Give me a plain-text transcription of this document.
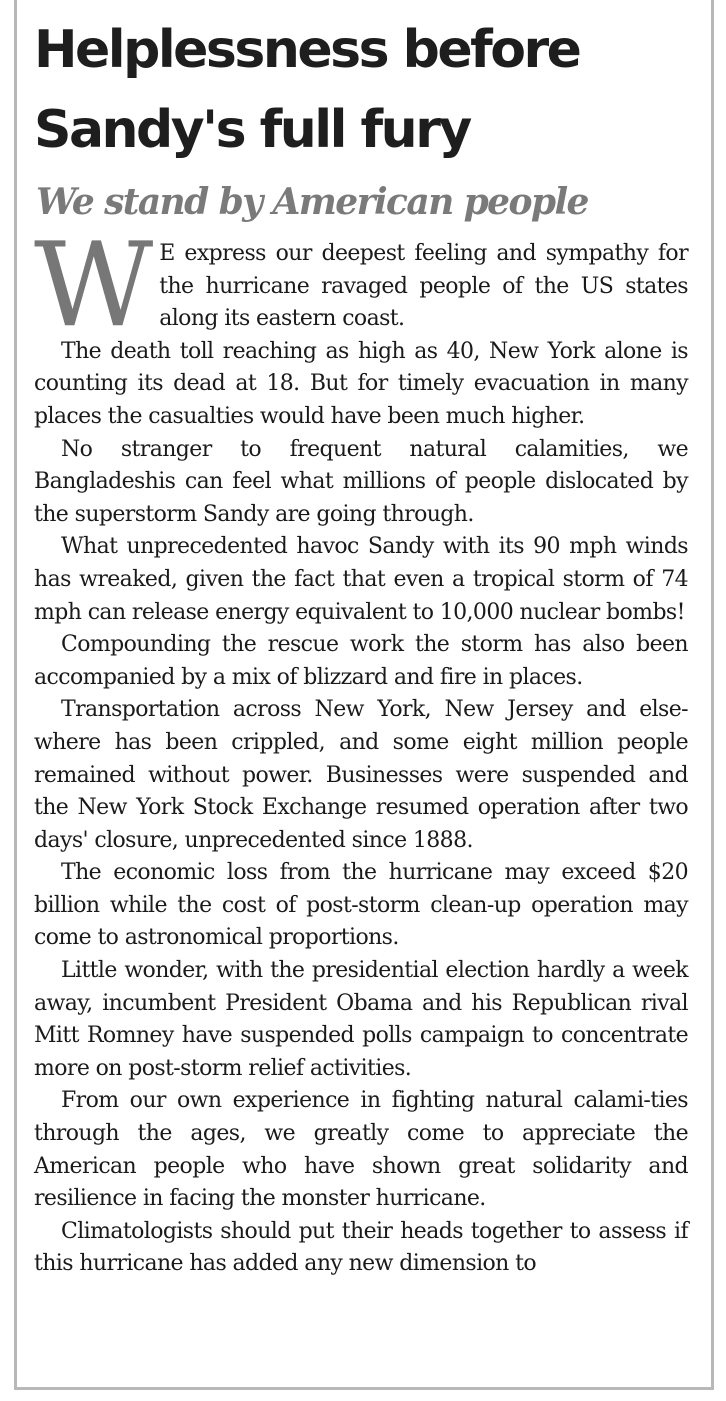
Helplessness before Sandy's full fury
We stand by American people

W E express our deepest feeling and sympathy for the hurricane ravaged people of the US states along its eastern coast.

The death toll reaching as high as 40, New York alone is counting its dead at 18. But for timely evacuation in many places the casualties would have been much higher.

No stranger to frequent natural calamities, we Bangladeshis can feel what millions of people dislocated by the superstorm Sandy are going through.

What unprecedented havoc Sandy with its 90 mph winds has wreaked, given the fact that even a tropical storm of 74 mph can release energy equivalent to 10,000 nuclear bombs!

Compounding the rescue work the storm has also been accompanied by a mix of blizzard and fire in places.

Transportation across New York, New Jersey and else-where has been crippled, and some eight million people remained without power. Businesses were suspended and the New York Stock Exchange resumed operation after two days' closure, unprecedented since 1888.

The economic loss from the hurricane may exceed $20 billion while the cost of post-storm clean-up operation may come to astronomical proportions.

Little wonder, with the presidential election hardly a week away, incumbent President Obama and his Republican rival Mitt Romney have suspended polls campaign to concentrate more on post-storm relief activities.

From our own experience in fighting natural calami-ties through the ages, we greatly come to appreciate the American people who have shown great solidarity and resilience in facing the monster hurricane.

Climatologists should put their heads together to assess if this hurricane has added any new dimension to
